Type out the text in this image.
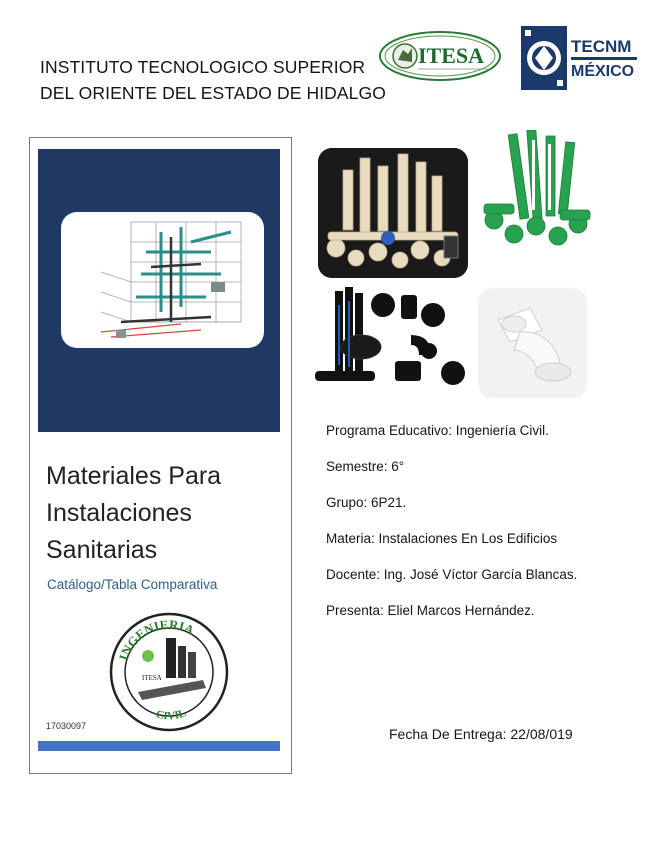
INSTITUTO TECNOLOGICO SUPERIOR
DEL ORIENTE DEL ESTADO DE HIDALGO
ITESA	TECNM
MÉXICO
Materiales Para
Instalaciones
Sanitarias
Catálogo/Tabla Comparativa
INGENIERIA
CIVIL
ITESA
17030097
Programa Educativo: Ingeniería Civil.
Semestre: 6°
Grupo: 6P21.
Materia: Instalaciones En Los Edificios
Docente: Ing. José Víctor García Blancas.
Presenta: Eliel Marcos Hernández.
Fecha De Entrega: 22/08/019
